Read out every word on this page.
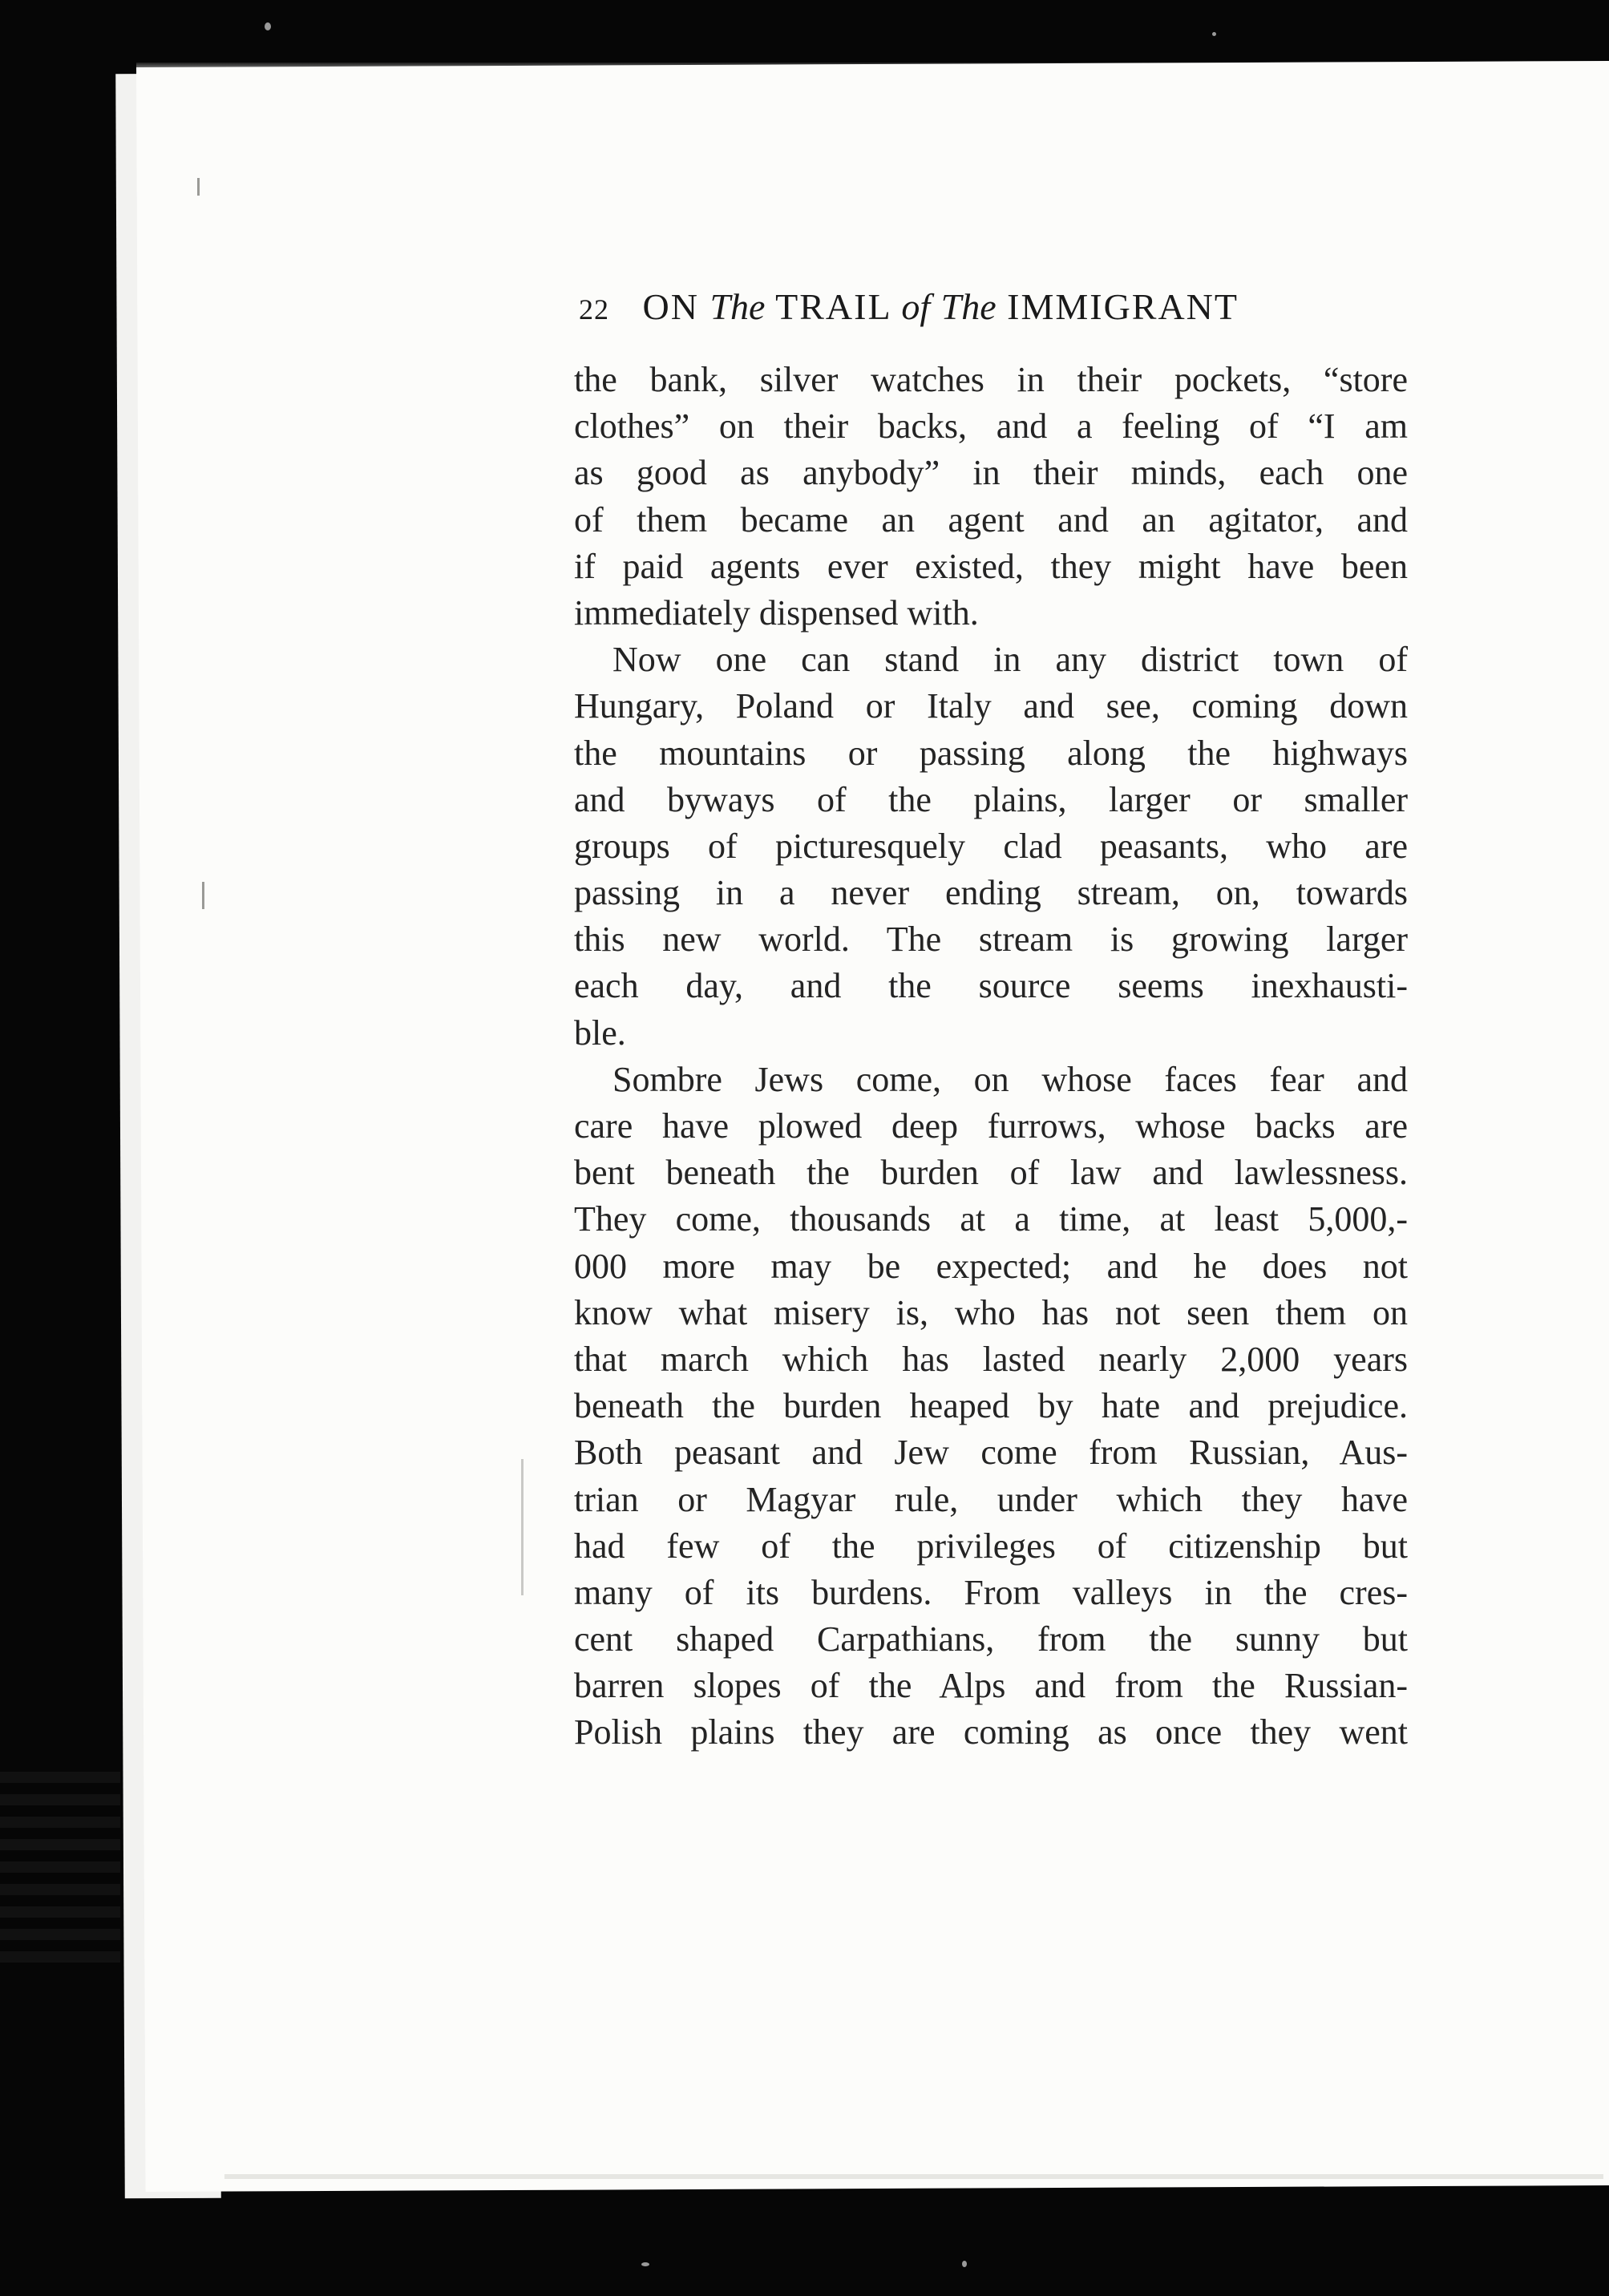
22 ON The TRAIL of The IMMIGRANT
the bank, silver watches in their pockets, “store
clothes” on their backs, and a feeling of “I am
as good as anybody” in their minds, each one
of them became an agent and an agitator, and
if paid agents ever existed, they might have been
immediately dispensed with.
Now one can stand in any district town of
Hungary, Poland or Italy and see, coming down
the mountains or passing along the highways
and byways of the plains, larger or smaller
groups of picturesquely clad peasants, who are
passing in a never ending stream, on, towards
this new world. The stream is growing larger
each day, and the source seems inexhausti-
ble.
Sombre Jews come, on whose faces fear and
care have plowed deep furrows, whose backs are
bent beneath the burden of law and lawlessness.
They come, thousands at a time, at least 5,000,-
000 more may be expected; and he does not
know what misery is, who has not seen them on
that march which has lasted nearly 2,000 years
beneath the burden heaped by hate and prejudice.
Both peasant and Jew come from Russian, Aus-
trian or Magyar rule, under which they have
had few of the privileges of citizenship but
many of its burdens. From valleys in the cres-
cent shaped Carpathians, from the sunny but
barren slopes of the Alps and from the Russian-
Polish plains they are coming as once they went
